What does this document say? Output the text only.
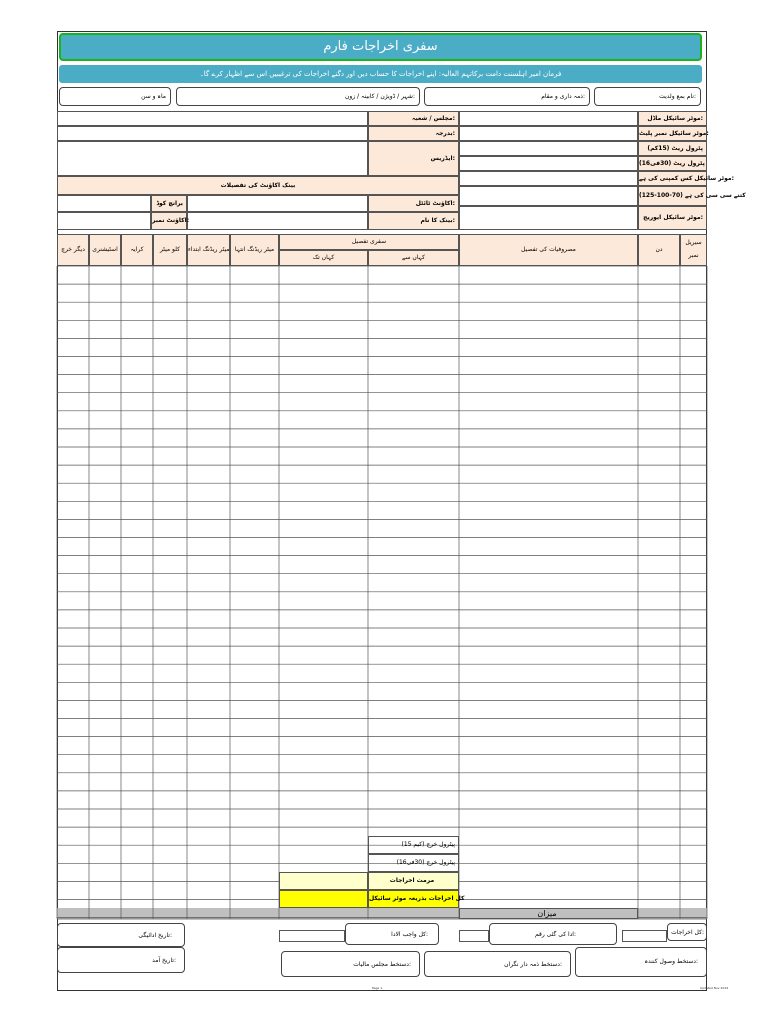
سفری اخراجات فارم
فرمان امیر اہلسنت دامت برکاتہم العالیہ: اپنے اخراجات کا حساب دیں اور دگنے اخراجات کی ترغیبیں اس سے اظہار کرے گا۔
نام بمع ولدیت:
ذمہ داری و مقام:
شہر / ڈویژن / کابینہ / زون:
ماہ و سن
موٹر سائیکل ماڈل:
موٹر سائیکل نمبر پلیٹ:
پٹرول ریٹ (15کم)
پٹرول ریٹ (30فی16)
موٹر سائیکل کس کمپنی کی ہے:
کتنے سی سی کی ہے (70-100-125)
موٹر سائیکل ایوریج:
مجلس / شعبہ:
بدرجہ:
ایڈریس:
بینک اکاؤنٹ کی تفصیلات
اکاؤنٹ ٹائٹل:
برانچ کوڈ
بینک کا نام:
اکاؤنٹ نمبر:
سیریل
نمبر
دن
مصروفیات کی تفصیل
سفری تفصیل
کہاں سے
کہاں تک
میٹر ریڈنگ انتہا
میٹر ریڈنگ ابتداء
کلو میٹر
کرایہ
اسٹیشنری
دیگر خرچ
پیٹرول خرچ (کیم 15)
پیٹرول خرچ (30فی16)
مرمت اخراجات
کل اخراجات بذریعہ موٹر سائیکل
میزان
کل اخراجات:
ادا کی گئی رقم:
کل واجب الادا:
تاریخ ادائیگی:
دستخط وصول کنندہ:
دستخط ذمہ دار نگران:
دستخط مجلس مالیات:
تاریخ آمد:
Page 1	Updated Nov 2019
